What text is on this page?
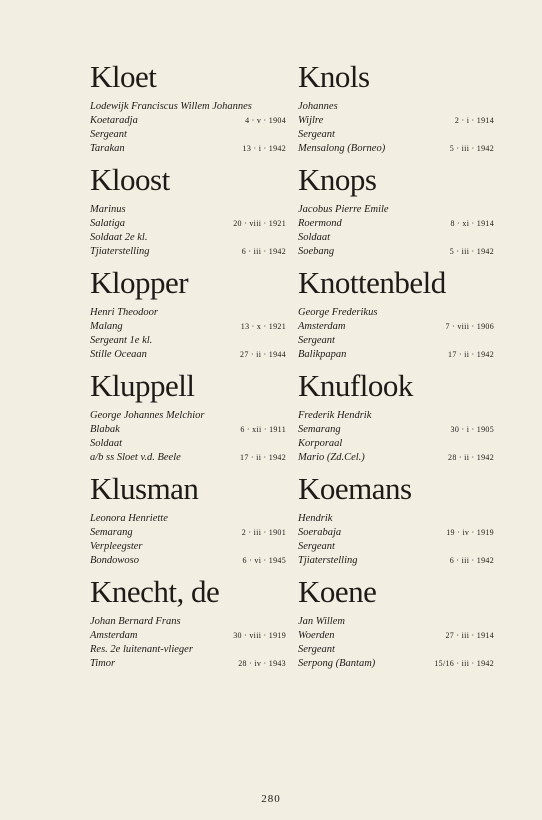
Kloet
Lodewijk Franciscus Willem Johannes
Koetaradja	4 · v · 1904
Sergeant
Tarakan	13 · i · 1942
Kloost
Marinus
Salatiga	20 · viii · 1921
Soldaat 2e kl.
Tjiaterstelling	6 · iii · 1942
Klopper
Henri Theodoor
Malang	13 · x · 1921
Sergeant 1e kl.
Stille Oceaan	27 · ii · 1944
Kluppell
George Johannes Melchior
Blabak	6 · xii · 1911
Soldaat
a/b ss Sloet v.d. Beele	17 · ii · 1942
Klusman
Leonora Henriette
Semarang	2 · iii · 1901
Verpleegster
Bondowoso	6 · vi · 1945
Knecht, de
Johan Bernard Frans
Amsterdam	30 · viii · 1919
Res. 2e luitenant-vlieger
Timor	28 · iv · 1943
Knols
Johannes
Wijlre	2 · i · 1914
Sergeant
Mensalong (Borneo)	5 · iii · 1942
Knops
Jacobus Pierre Emile
Roermond	8 · xi · 1914
Soldaat
Soebang	5 · iii · 1942
Knottenbeld
George Frederikus
Amsterdam	7 · viii · 1906
Sergeant
Balikpapan	17 · ii · 1942
Knuflook
Frederik Hendrik
Semarang	30 · i · 1905
Korporaal
Mario (Zd.Cel.)	28 · ii · 1942
Koemans
Hendrik
Soerabaja	19 · iv · 1919
Sergeant
Tjiaterstelling	6 · iii · 1942
Koene
Jan Willem
Woerden	27 · iii · 1914
Sergeant
Serpong (Bantam)	15/16 · iii · 1942
280
